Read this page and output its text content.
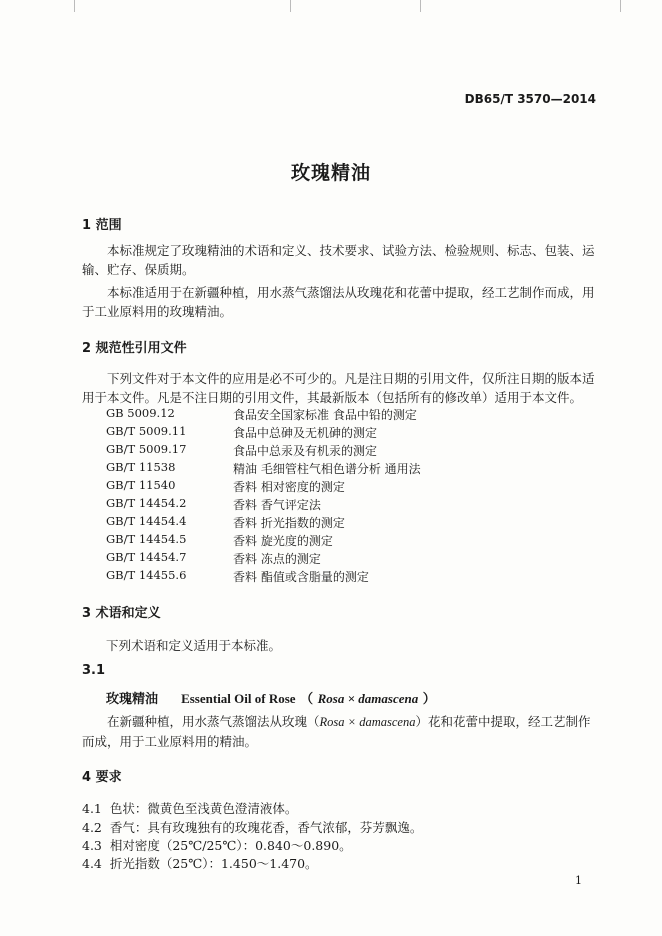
DB65/T 3570—2014
玫瑰精油
1 范围
本标准规定了玫瑰精油的术语和定义、技术要求、试验方法、检验规则、标志、包装、运输、贮存、保质期。
本标准适用于在新疆种植，用水蒸气蒸馏法从玫瑰花和花蕾中提取，经工艺制作而成，用于工业原料用的玫瑰精油。
2 规范性引用文件
下列文件对于本文件的应用是必不可少的。凡是注日期的引用文件，仅所注日期的版本适用于本文件。凡是不注日期的引用文件，其最新版本（包括所有的修改单）适用于本文件。
GB 5009.12	食品安全国家标准 食品中铅的测定
GB/T 5009.11	食品中总砷及无机砷的测定
GB/T 5009.17	食品中总汞及有机汞的测定
GB/T 11538	精油 毛细管柱气相色谱分析 通用法
GB/T 11540	香料 相对密度的测定
GB/T 14454.2	香料 香气评定法
GB/T 14454.4	香料 折光指数的测定
GB/T 14454.5	香料 旋光度的测定
GB/T 14454.7	香料 冻点的测定
GB/T 14455.6	香料 酯值或含脂量的测定
3 术语和定义
下列术语和定义适用于本标准。
3.1
玫瑰精油 Essential Oil of Rose （ Rosa × damascena ）
在新疆种植，用水蒸气蒸馏法从玫瑰（Rosa × damascena）花和花蕾中提取，经工艺制作而成，用于工业原料用的精油。
4 要求
4.1 色状：微黄色至浅黄色澄清液体。
4.2 香气：具有玫瑰独有的玫瑰花香，香气浓郁，芬芳飘逸。
4.3 相对密度（25℃/25℃）：0.840～0.890。
4.4 折光指数（25℃）：1.450～1.470。
1
